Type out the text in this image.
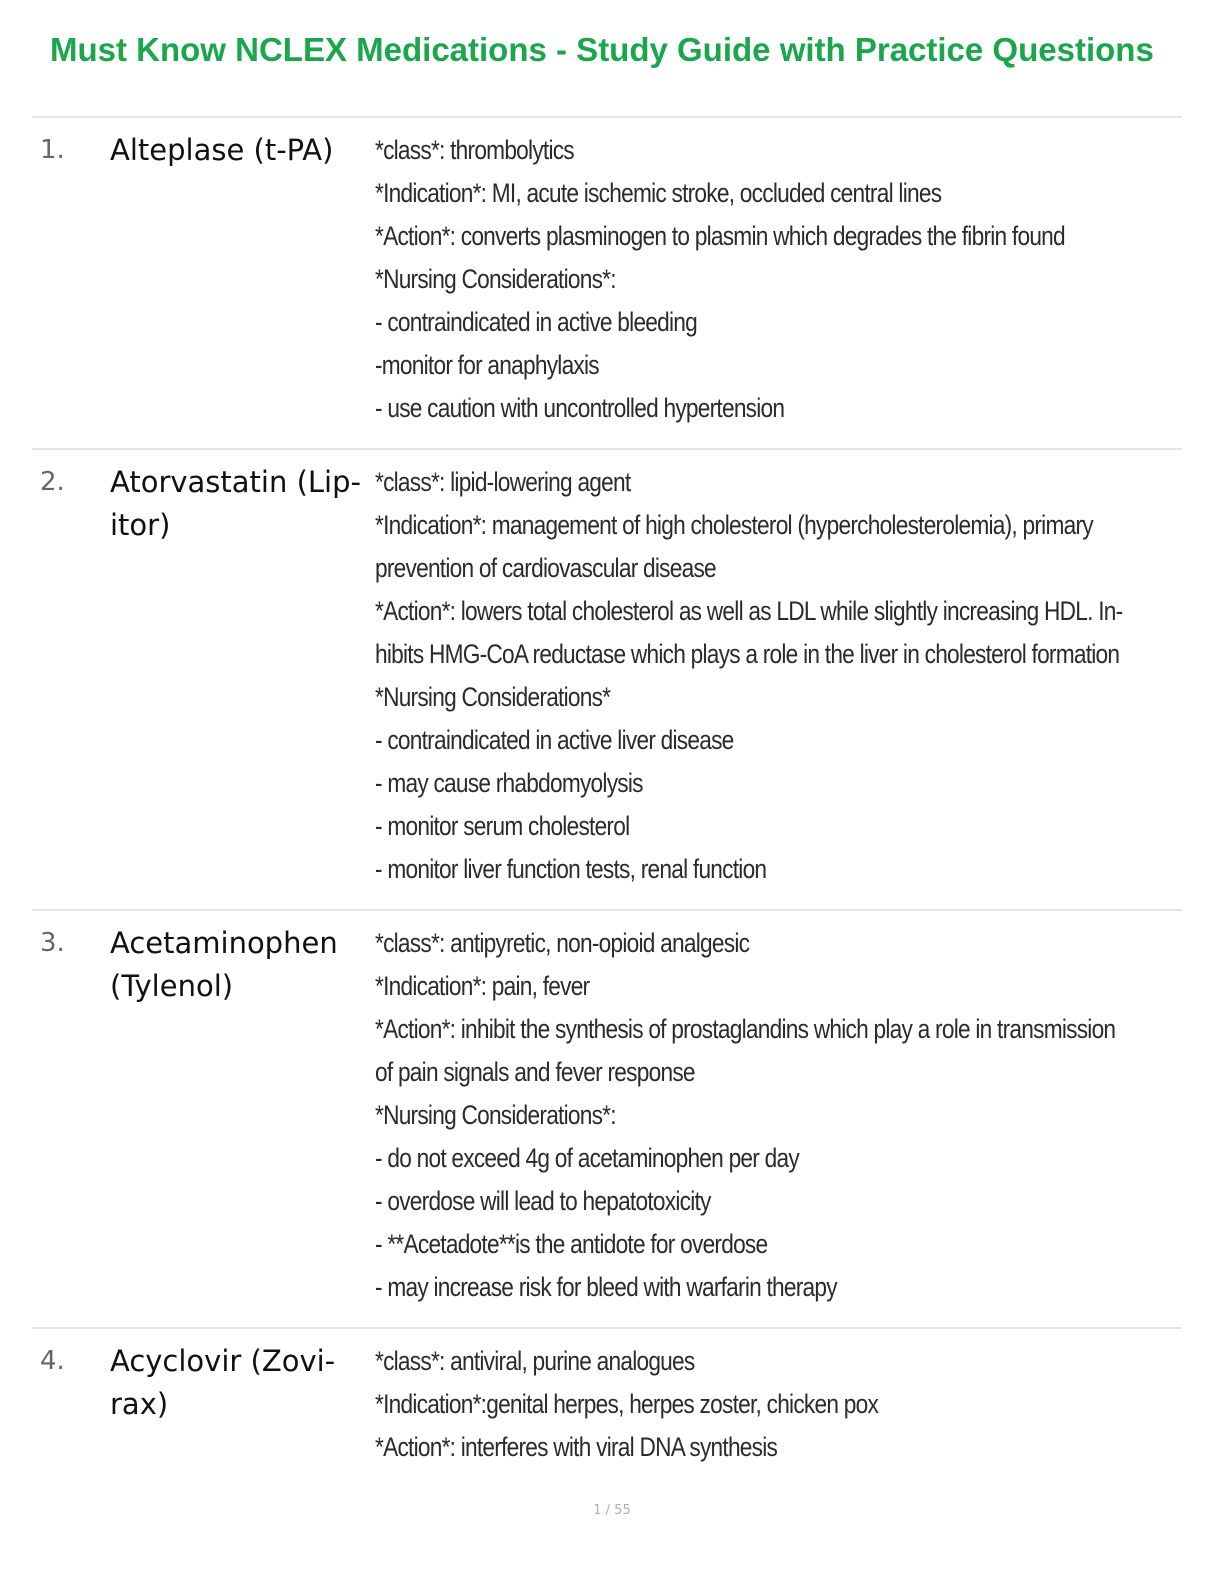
Must Know NCLEX Medications - Study Guide with Practice Questions
1. Alteplase (t-PA)	*class*: thrombolytics
*Indication*: MI, acute ischemic stroke, occluded central lines
*Action*: converts plasminogen to plasmin which degrades the fibrin found
*Nursing Considerations*:
- contraindicated in active bleeding
-monitor for anaphylaxis
- use caution with uncontrolled hypertension
2. Atorvastatin (Lip-
itor)
*class*: lipid-lowering agent
*Indication*: management of high cholesterol (hypercholesterolemia), primary
prevention of cardiovascular disease
*Action*: lowers total cholesterol as well as LDL while slightly increasing HDL. In-
hibits HMG-CoA reductase which plays a role in the liver in cholesterol formation
*Nursing Considerations*
- contraindicated in active liver disease
- may cause rhabdomyolysis
- monitor serum cholesterol
- monitor liver function tests, renal function
3. Acetaminophen
(Tylenol)
*class*: antipyretic, non-opioid analgesic
*Indication*: pain, fever
*Action*: inhibit the synthesis of prostaglandins which play a role in transmission
of pain signals and fever response
*Nursing Considerations*:
- do not exceed 4g of acetaminophen per day
- overdose will lead to hepatotoxicity
- **Acetadote**is the antidote for overdose
- may increase risk for bleed with warfarin therapy
4. Acyclovir (Zovi-
rax)
*class*: antiviral, purine analogues
*Indication*:genital herpes, herpes zoster, chicken pox
*Action*: interferes with viral DNA synthesis
1 / 55
